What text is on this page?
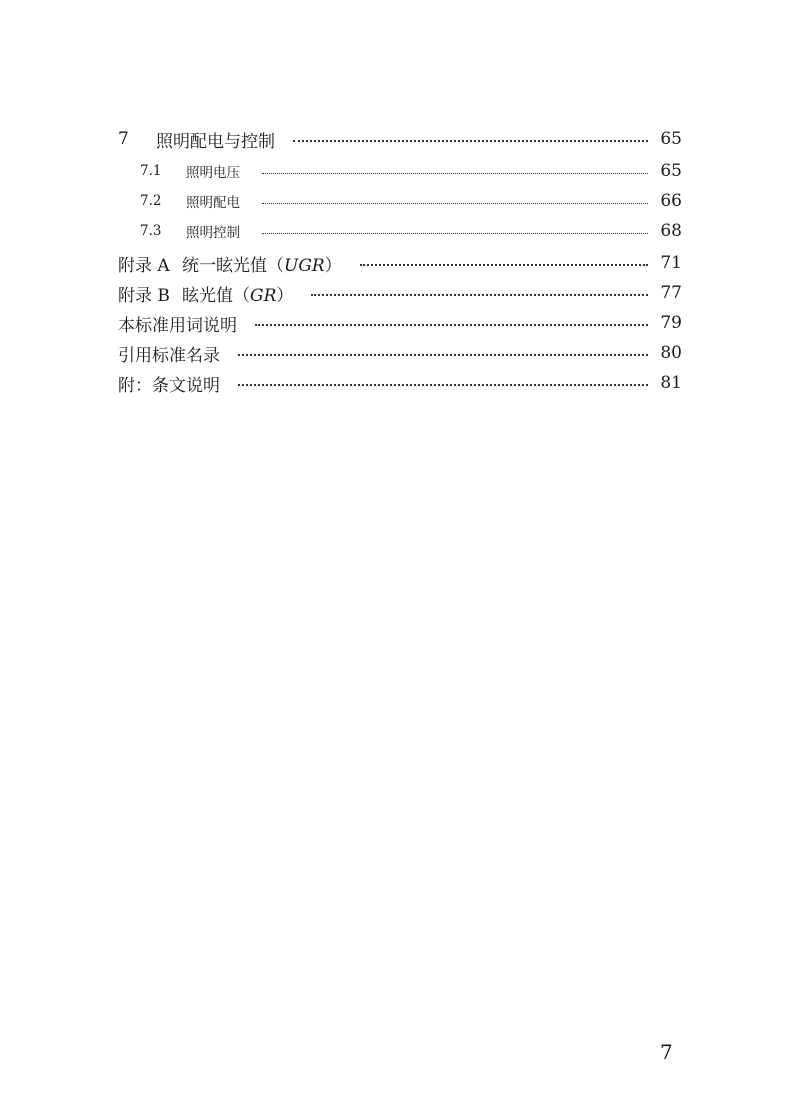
7	照明配电与控制	65
7.1	照明电压	65
7.2	照明配电	66
7.3	照明控制	68
附录 A 统一眩光值（UGR）	71
附录 B 眩光值（GR）	77
本标准用词说明	79
引用标准名录	80
附：条文说明	81
7
